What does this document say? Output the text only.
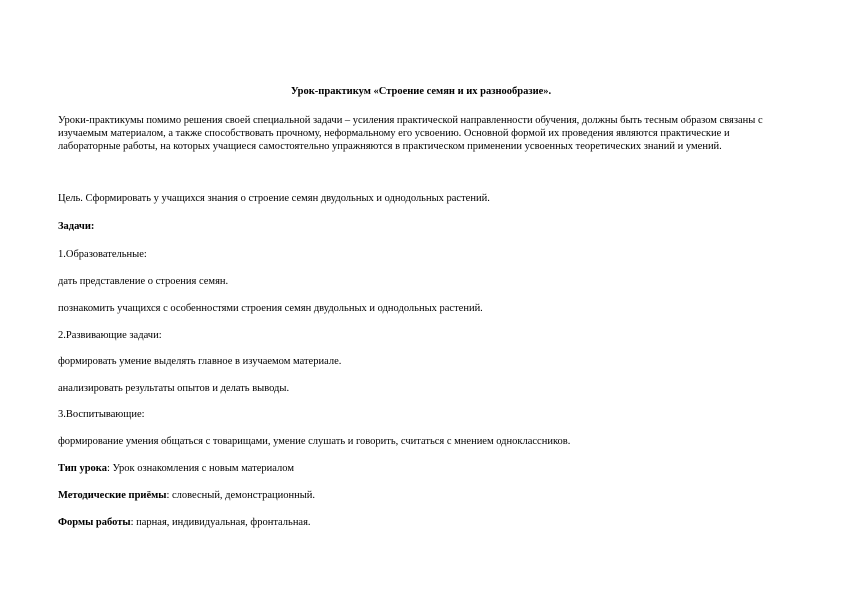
Урок-практикум «Строение семян и их разнообразие».
Уроки-практикумы помимо решения своей специальной задачи – усиления практической направленности обучения, должны быть тесным образом связаны с изучаемым материалом, а также способствовать прочному, неформальному его усвоению. Основной формой их проведения являются практические и лабораторные работы, на которых учащиеся самостоятельно упражняются в практическом применении усвоенных теоретических знаний и умений.
Цель. Сформировать у учащихся знания о строение семян двудольных и однодольных растений.
Задачи:
1.Образовательные:
дать представление о строения семян.
познакомить учащихся с особенностями строения семян двудольных и однодольных растений.
2.Развивающие задачи:
формировать умение выделять главное в изучаемом материале.
анализировать результаты опытов и делать выводы.
3.Воспитывающие:
формирование умения общаться с товарищами, умение слушать и говорить, считаться с мнением одноклассников.
Тип урока: Урок ознакомления с новым материалом
Методические приёмы: словесный, демонстрационный.
Формы работы: парная, индивидуальная, фронтальная.
